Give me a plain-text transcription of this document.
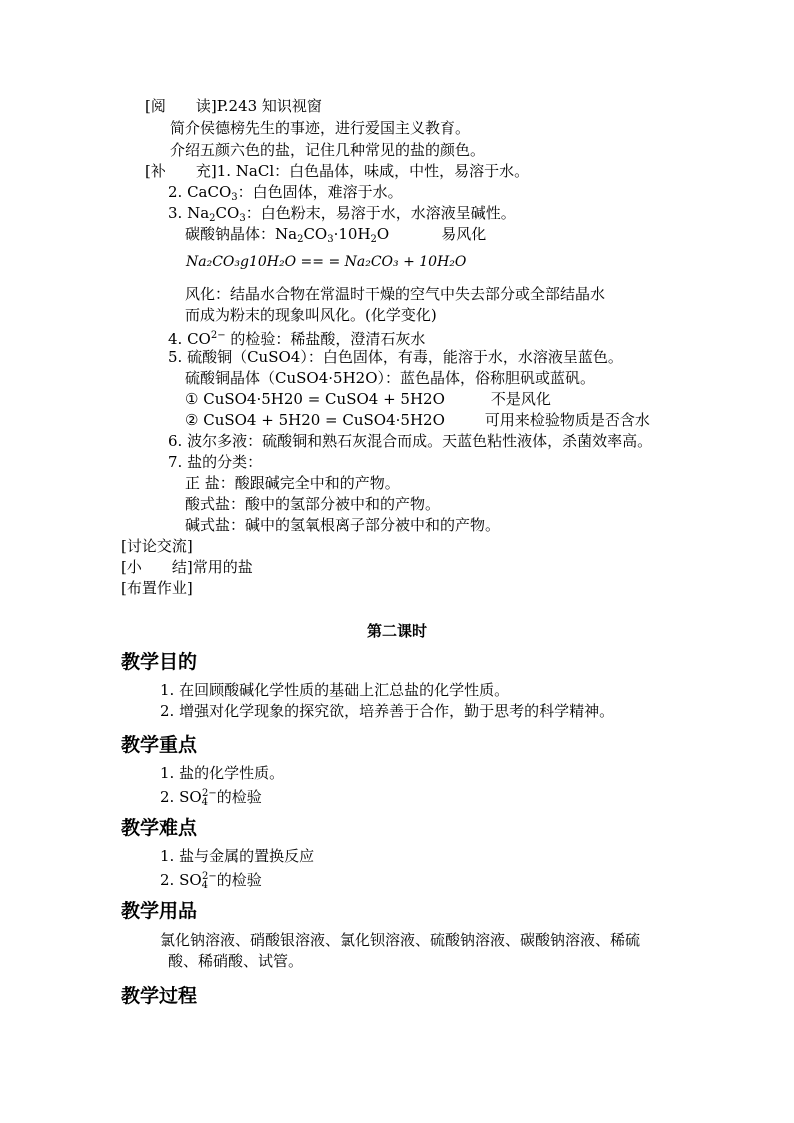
[阅　　读]P.243 知识视窗
简介侯德榜先生的事迹，进行爱国主义教育。
介绍五颜六色的盐，记住几种常见的盐的颜色。
[补　　充]1. NaCl：白色晶体，味咸，中性，易溶于水。
2. CaCO$_3$：白色固体，难溶于水。
3. $Na_2CO_3$：白色粉末，易溶于水，水溶液呈碱性。
碳酸钠晶体：$Na_2CO_3\cdot 10H_2O$	易风化
Na₂CO₃g10H₂O == = Na₂CO₃ + 10H₂O
风化：结晶水合物在常温时干燥的空气中失去部分或全部结晶水
而成为粉末的现象叫风化。(化学变化)
4. $CO^{2-}$ 的检验：稀盐酸，澄清石灰水
5. 硫酸铜（CuSO4）：白色固体，有毒，能溶于水，水溶液呈蓝色。
硫酸铜晶体（CuSO4·5H2O）：蓝色晶体，俗称胆矾或蓝矾。
① CuSO4·5H20 = CuSO4 + 5H2O	不是风化
② CuSO4 + 5H20 = CuSO4·5H2O	可用来检验物质是否含水
6. 波尔多液：硫酸铜和熟石灰混合而成。天蓝色粘性液体，杀菌效率高。
7. 盐的分类：
正 盐：酸跟碱完全中和的产物。
酸式盐：酸中的氢部分被中和的产物。
碱式盐：碱中的氢氧根离子部分被中和的产物。
[讨论交流]
[小　　结]常用的盐
[布置作业]
第二课时
教学目的
1. 在回顾酸碱化学性质的基础上汇总盐的化学性质。
2. 增强对化学现象的探究欲，培养善于合作，勤于思考的科学精神。
教学重点
1. 盐的化学性质。
2. $SO_4^{2-}$的检验
教学难点
1. 盐与金属的置换反应
2. $SO_4^{2-}$的检验
教学用品
氯化钠溶液、硝酸银溶液、氯化钡溶液、硫酸钠溶液、碳酸钠溶液、稀硫
酸、稀硝酸、试管。
教学过程
